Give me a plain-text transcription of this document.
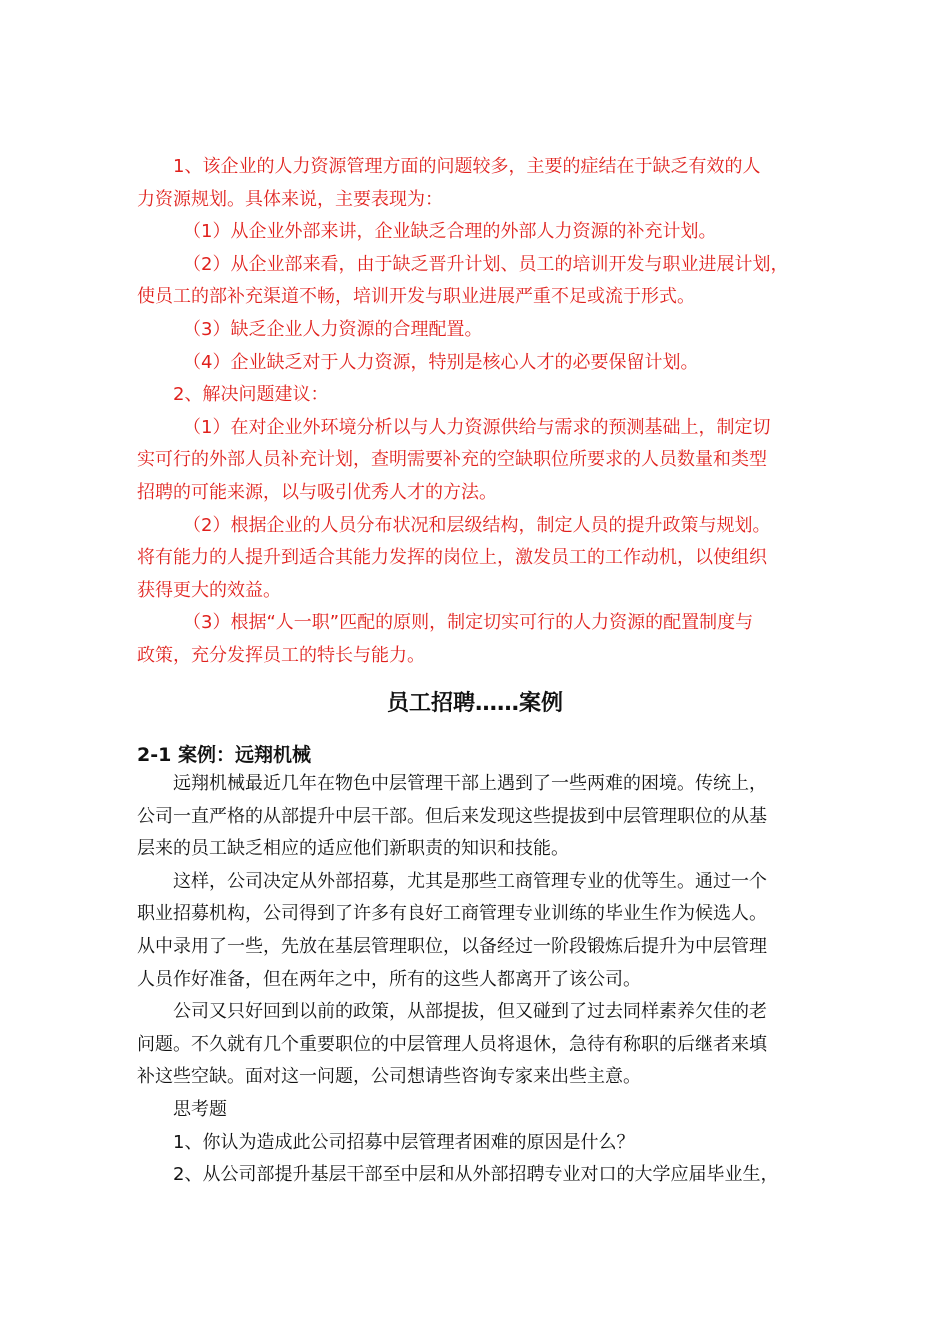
1、该企业的人力资源管理方面的问题较多，主要的症结在于缺乏有效的人
力资源规划。具体来说，主要表现为：

（1）从企业外部来讲，企业缺乏合理的外部人力资源的补充计划。

（2）从企业部来看，由于缺乏晋升计划、员工的培训开发与职业进展计划，
使员工的部补充渠道不畅，培训开发与职业进展严重不足或流于形式。

（3）缺乏企业人力资源的合理配置。

（4）企业缺乏对于人力资源，特别是核心人才的必要保留计划。

2、解决问题建议：

（1）在对企业外环境分析以与人力资源供给与需求的预测基础上，制定切
实可行的外部人员补充计划，查明需要补充的空缺职位所要求的人员数量和类型
招聘的可能来源，以与吸引优秀人才的方法。

（2）根据企业的人员分布状况和层级结构，制定人员的提升政策与规划。
将有能力的人提升到适合其能力发挥的岗位上，激发员工的工作动机，以使组织
获得更大的效益。

（3）根据“人一职”匹配的原则，制定切实可行的人力资源的配置制度与
政策，充分发挥员工的特长与能力。

员工招聘……案例
2-1 案例：远翔机械

远翔机械最近几年在物色中层管理干部上遇到了一些两难的困境。传统上，
公司一直严格的从部提升中层干部。但后来发现这些提拔到中层管理职位的从基
层来的员工缺乏相应的适应他们新职责的知识和技能。

这样，公司决定从外部招募，尤其是那些工商管理专业的优等生。通过一个
职业招募机构，公司得到了许多有良好工商管理专业训练的毕业生作为候选人。
从中录用了一些，先放在基层管理职位，以备经过一阶段锻炼后提升为中层管理
人员作好准备，但在两年之中，所有的这些人都离开了该公司。

公司又只好回到以前的政策，从部提拔，但又碰到了过去同样素养欠佳的老
问题。不久就有几个重要职位的中层管理人员将退休，急待有称职的后继者来填
补这些空缺。面对这一问题，公司想请些咨询专家来出些主意。

思考题

1、你认为造成此公司招募中层管理者困难的原因是什么？

2、从公司部提升基层干部至中层和从外部招聘专业对口的大学应届毕业生，
